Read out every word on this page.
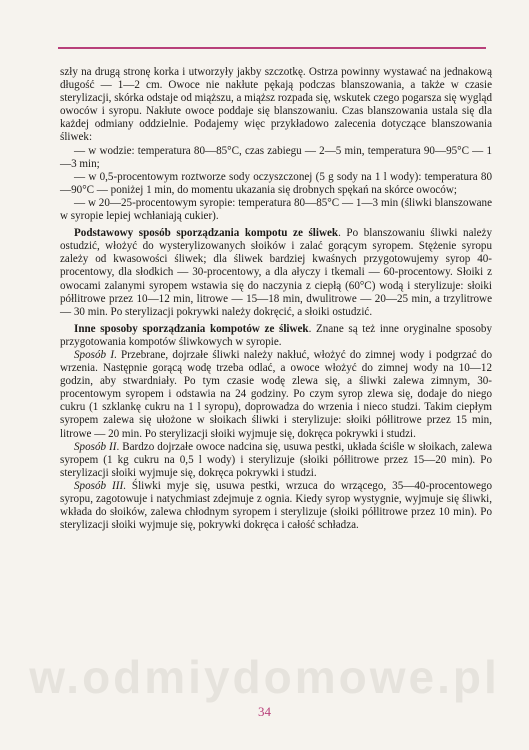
szły na drugą stronę korka i utworzyły jakby szczotkę. Ostrza powinny wystawać na jednakową długość — 1—2 cm. Owoce nie nakłute pękają podczas blanszowania, a także w czasie sterylizacji, skórka odstaje od miąższu, a miąższ rozpada się, wskutek czego pogarsza się wygląd owoców i syropu. Nakłute owoce poddaje się blanszowaniu. Czas blanszowania ustala się dla każdej odmiany oddzielnie. Podajemy więc przykładowo zalecenia dotyczące blanszowania śliwek:

— w wodzie: temperatura 80—85°C, czas zabiegu — 2—5 min, temperatura 90—95°C — 1—3 min;

— w 0,5-procentowym roztworze sody oczyszczonej (5 g sody na 1 l wody): temperatura 80—90°C — poniżej 1 min, do momentu ukazania się drobnych spękań na skórce owoców;

— w 20—25-procentowym syropie: temperatura 80—85°C — 1—3 min (śliwki blanszowane w syropie lepiej wchłaniają cukier).

Podstawowy sposób sporządzania kompotu ze śliwek. Po blanszowaniu śliwki należy ostudzić, włożyć do wysterylizowanych słoików i zalać gorącym syropem. Stężenie syropu zależy od kwasowości śliwek; dla śliwek bardziej kwaśnych przygotowujemy syrop 40-procentowy, dla słodkich — 30-procentowy, a dla ałyczy i tkemali — 60-procentowy. Słoiki z owocami zalanymi syropem wstawia się do naczynia z ciepłą (60°C) wodą i sterylizuje: słoiki półlitrowe przez 10—12 min, litrowe — 15—18 min, dwulitrowe — 20—25 min, a trzylitrowe — 30 min. Po sterylizacji pokrywki należy dokręcić, a słoiki ostudzić.

Inne sposoby sporządzania kompotów ze śliwek. Znane są też inne oryginalne sposoby przygotowania kompotów śliwkowych w syropie.

Sposób I. Przebrane, dojrzałe śliwki należy nakłuć, włożyć do zimnej wody i podgrzać do wrzenia. Następnie gorącą wodę trzeba odlać, a owoce włożyć do zimnej wody na 10—12 godzin, aby stwardniały. Po tym czasie wodę zlewa się, a śliwki zalewa zimnym, 30-procentowym syropem i odstawia na 24 godziny. Po czym syrop zlewa się, dodaje do niego cukru (1 szklankę cukru na 1 l syropu), doprowadza do wrzenia i nieco studzi. Takim ciepłym syropem zalewa się ułożone w słoikach śliwki i sterylizuje: słoiki półlitrowe przez 15 min, litrowe — 20 min. Po sterylizacji słoiki wyjmuje się, dokręca pokrywki i studzi.

Sposób II. Bardzo dojrzałe owoce nadcina się, usuwa pestki, układa ściśle w słoikach, zalewa syropem (1 kg cukru na 0,5 l wody) i sterylizuje (słoiki półlitrowe przez 15—20 min). Po sterylizacji słoiki wyjmuje się, dokręca pokrywki i studzi.

Sposób III. Śliwki myje się, usuwa pestki, wrzuca do wrzącego, 35—40-procentowego syropu, zagotowuje i natychmiast zdejmuje z ognia. Kiedy syrop wystygnie, wyjmuje się śliwki, wkłada do słoików, zalewa chłodnym syropem i sterylizuje (słoiki półlitrowe przez 10 min). Po sterylizacji słoiki wyjmuje się, pokrywki dokręca i całość schładza.

w.odmiydomowe.pl
34
